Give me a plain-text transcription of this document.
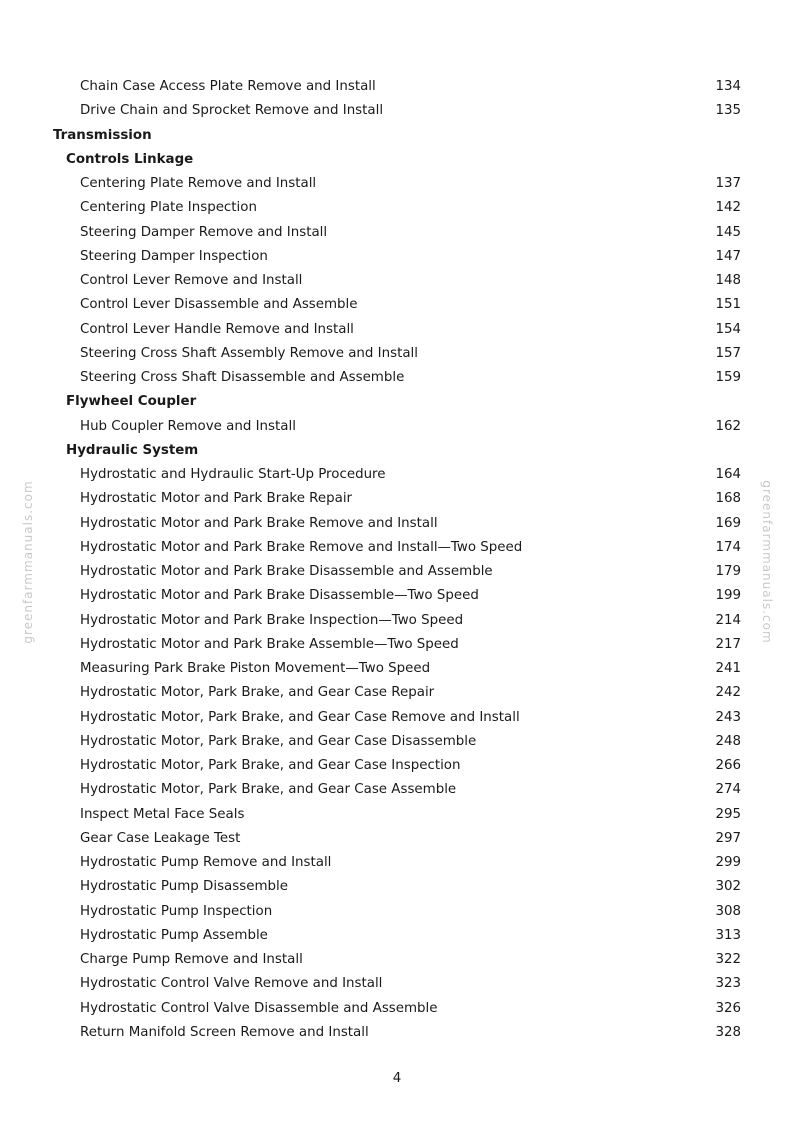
greenfarmmanuals.com	greenfarmmanuals.com
Chain Case Access Plate Remove and Install	134
Drive Chain and Sprocket Remove and Install	135
Transmission
Controls Linkage
Centering Plate Remove and Install	137
Centering Plate Inspection	142
Steering Damper Remove and Install	145
Steering Damper Inspection	147
Control Lever Remove and Install	148
Control Lever Disassemble and Assemble	151
Control Lever Handle Remove and Install	154
Steering Cross Shaft Assembly Remove and Install	157
Steering Cross Shaft Disassemble and Assemble	159
Flywheel Coupler
Hub Coupler Remove and Install	162
Hydraulic System
Hydrostatic and Hydraulic Start-Up Procedure	164
Hydrostatic Motor and Park Brake Repair	168
Hydrostatic Motor and Park Brake Remove and Install	169
Hydrostatic Motor and Park Brake Remove and Install—Two Speed	174
Hydrostatic Motor and Park Brake Disassemble and Assemble	179
Hydrostatic Motor and Park Brake Disassemble—Two Speed	199
Hydrostatic Motor and Park Brake Inspection—Two Speed	214
Hydrostatic Motor and Park Brake Assemble—Two Speed	217
Measuring Park Brake Piston Movement—Two Speed	241
Hydrostatic Motor, Park Brake, and Gear Case Repair	242
Hydrostatic Motor, Park Brake, and Gear Case Remove and Install	243
Hydrostatic Motor, Park Brake, and Gear Case Disassemble	248
Hydrostatic Motor, Park Brake, and Gear Case Inspection	266
Hydrostatic Motor, Park Brake, and Gear Case Assemble	274
Inspect Metal Face Seals	295
Gear Case Leakage Test	297
Hydrostatic Pump Remove and Install	299
Hydrostatic Pump Disassemble	302
Hydrostatic Pump Inspection	308
Hydrostatic Pump Assemble	313
Charge Pump Remove and Install	322
Hydrostatic Control Valve Remove and Install	323
Hydrostatic Control Valve Disassemble and Assemble	326
Return Manifold Screen Remove and Install	328
4
